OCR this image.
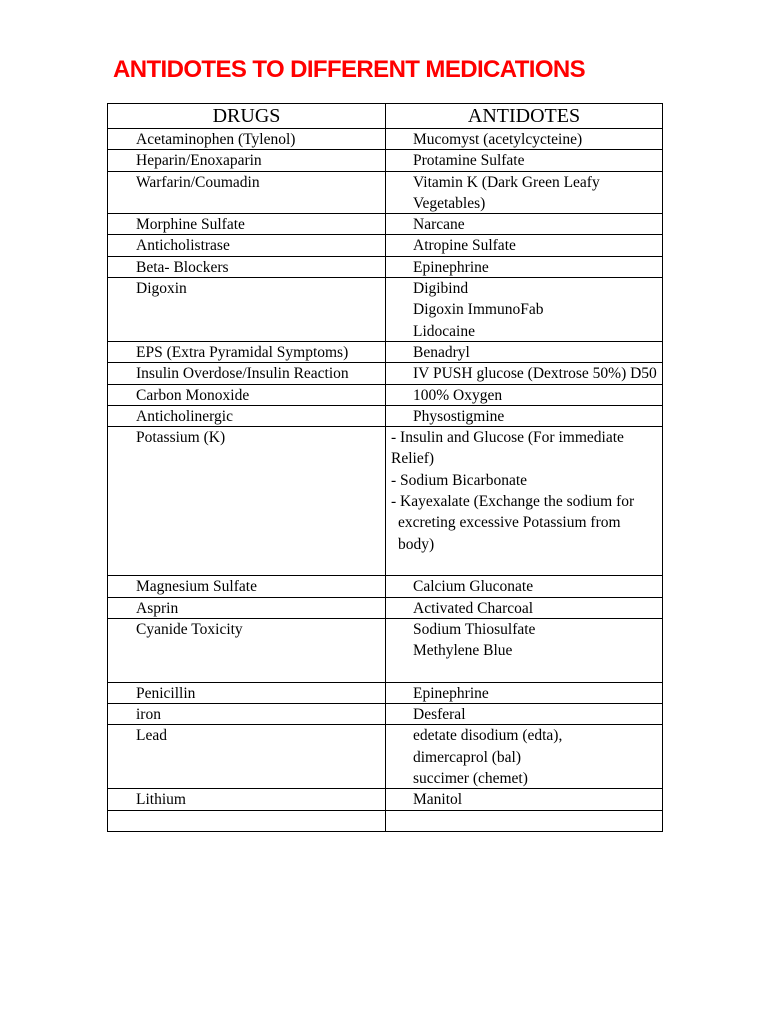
ANTIDOTES TO DIFFERENT MEDICATIONS
DRUGS	ANTIDOTES
Acetaminophen (Tylenol)	Mucomyst (acetylcycteine)
Heparin/Enoxaparin	Protamine Sulfate
Warfarin/Coumadin	Vitamin K (Dark Green Leafy
Vegetables)
Morphine Sulfate	Narcane
Anticholistrase	Atropine Sulfate
Beta- Blockers	Epinephrine
Digoxin	Digibind
Digoxin ImmunoFab
Lidocaine
EPS (Extra Pyramidal Symptoms)	Benadryl
Insulin Overdose/Insulin Reaction	IV PUSH glucose (Dextrose 50%) D50
Carbon Monoxide	100% Oxygen
Anticholinergic	Physostigmine
Potassium (K)	- Insulin and Glucose (For immediate
Relief)
- Sodium Bicarbonate
- Kayexalate (Exchange the sodium for
excreting excessive Potassium from
body)
Magnesium Sulfate	Calcium Gluconate
Asprin	Activated Charcoal
Cyanide Toxicity	Sodium Thiosulfate
Methylene Blue
Penicillin	Epinephrine
iron	Desferal
Lead	edetate disodium (edta),
dimercaprol (bal)
succimer (chemet)
Lithium	Manitol
